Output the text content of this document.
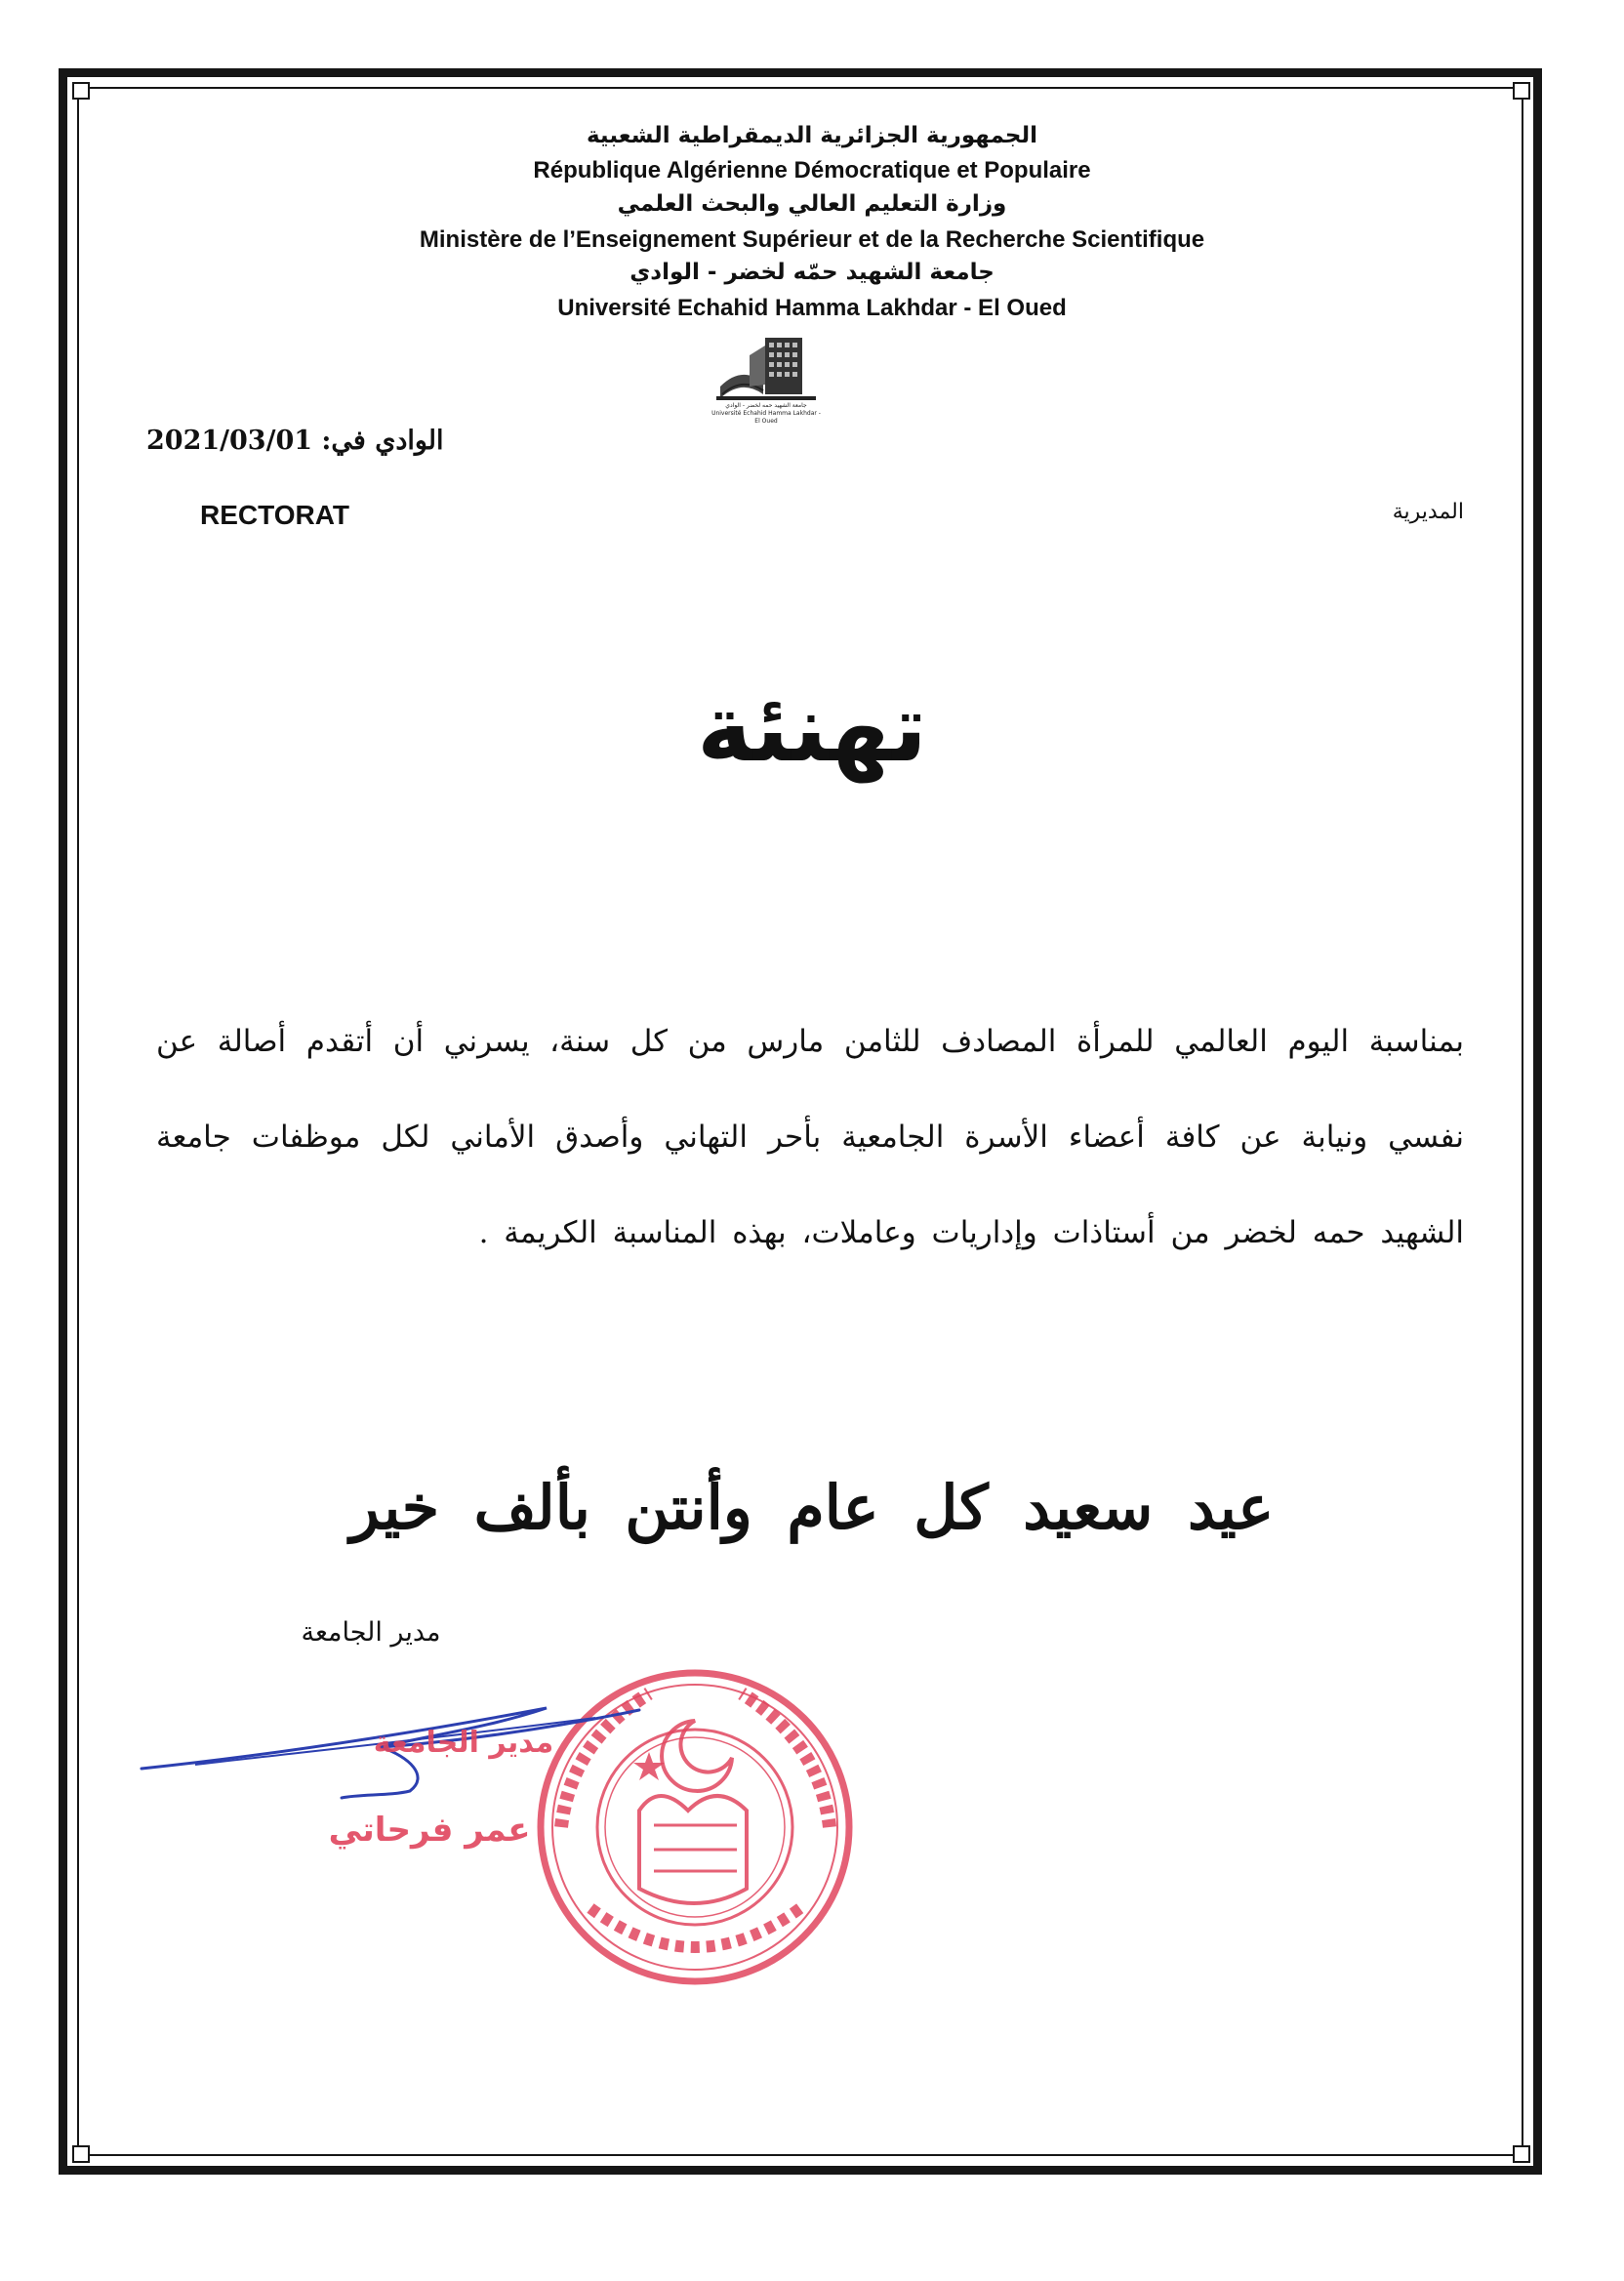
الجمهورية الجزائرية الديمقراطية الشعبية
République Algérienne Démocratique et Populaire
وزارة التعليم العالي والبحث العلمي
Ministère de l’Enseignement Supérieur et de la Recherche Scientifique
جامعة الشهيد حمّه لخضر - الوادي
Université Echahid Hamma Lakhdar - El Oued
جامعة الشهيد حمه لخضر - الوادي
Université Echahid Hamma Lakhdar - El Oued
الوادي في: 2021/03/01
RECTORAT	المديرية
تهنئة
بمناسبة اليوم العالمي للمرأة المصادف للثامن مارس من كل سنة، يسرني أن أتقدم أصالة عن نفسي ونيابة عن كافة أعضاء الأسرة الجامعية بأحر التهاني وأصدق الأماني لكل موظفات جامعة الشهيد حمه لخضر من أستاذات وإداريات وعاملات، بهذه المناسبة الكريمة .
عيد سعيد كل عام وأنتن بألف خير
مدير الجامعة
مدير الجامعة
عمر فرحاتي
